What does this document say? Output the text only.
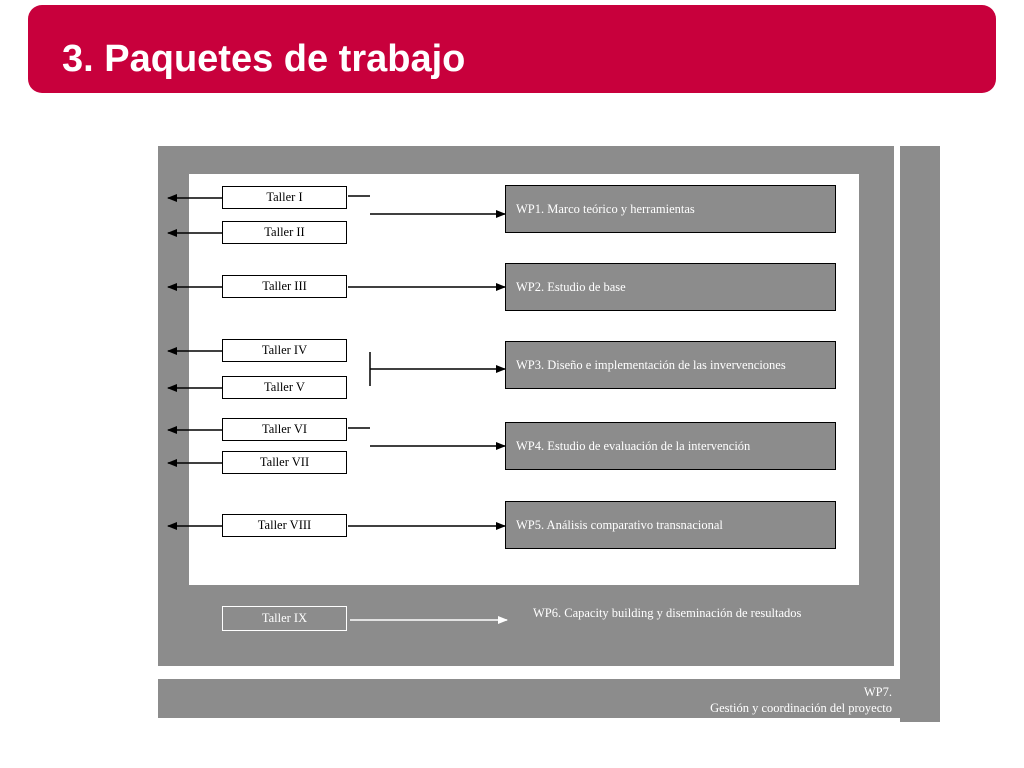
3. Paquetes de trabajo
Taller I
Taller II
Taller III
Taller IV
Taller V
Taller VI
Taller VII
Taller VIII
Taller IX
WP1. Marco teórico y herramientas
WP2. Estudio de base
WP3. Diseño e implementación de las invervenciones
WP4. Estudio de evaluación de la intervención
WP5. Análisis comparativo transnacional
WP6. Capacity building y diseminación de resultados
WP7.
Gestión y coordinación del proyecto
